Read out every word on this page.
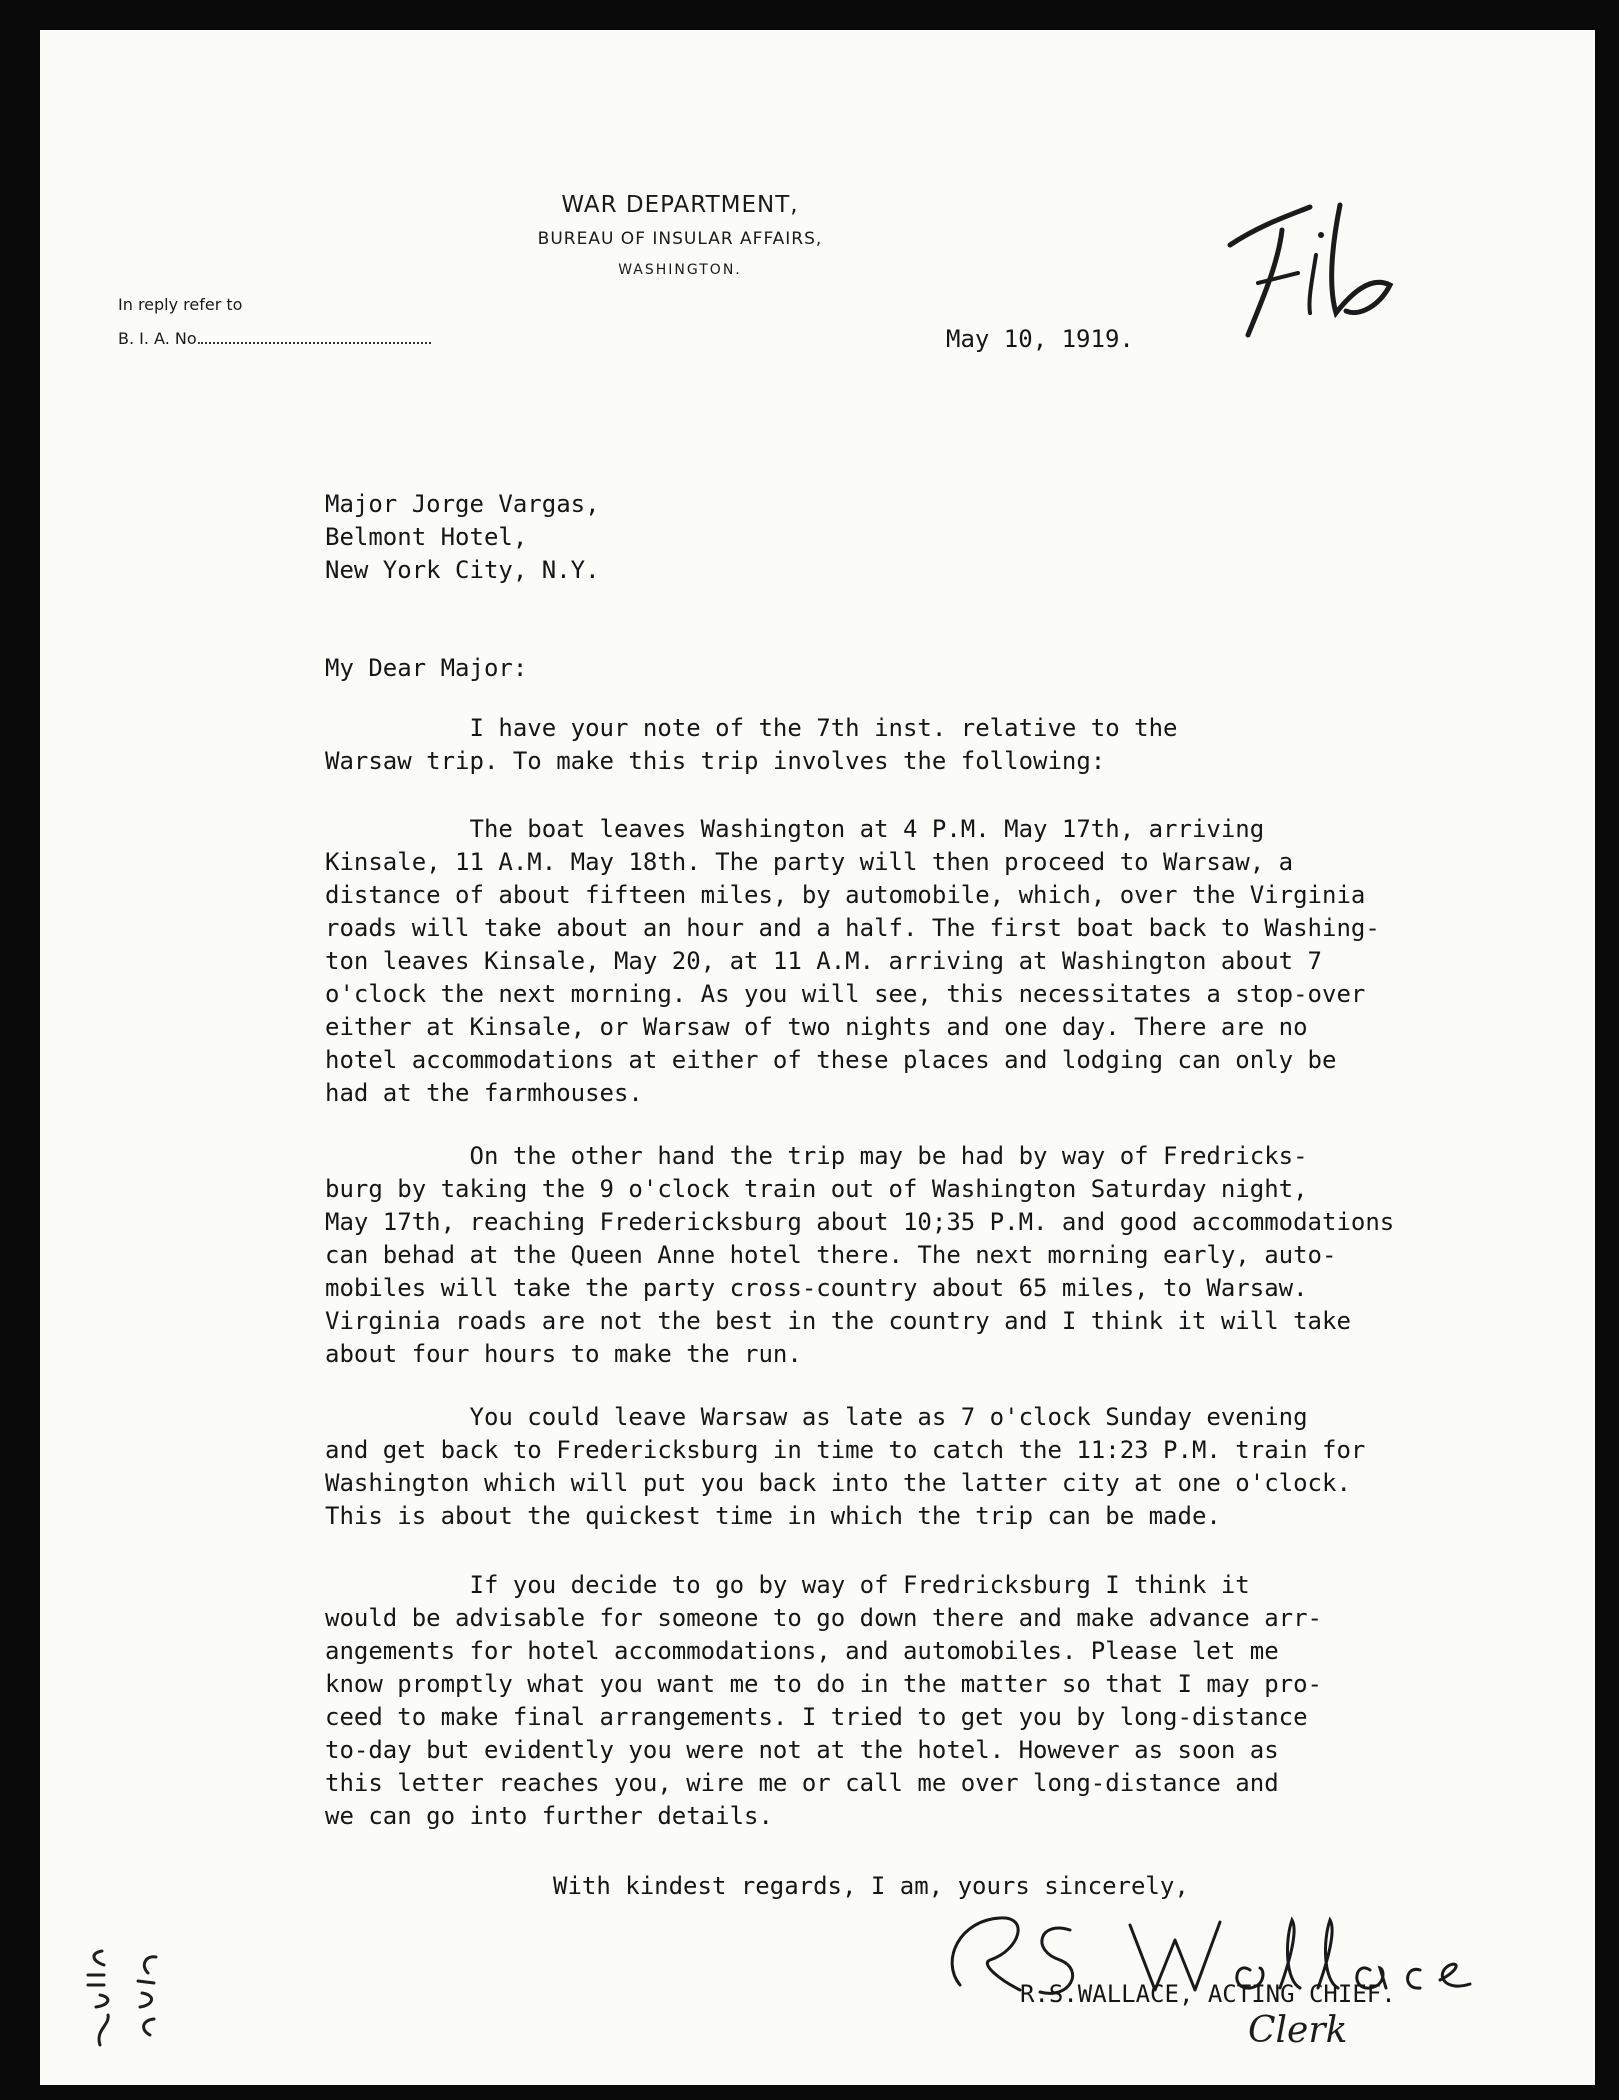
WAR DEPARTMENT,
BUREAU OF INSULAR AFFAIRS,
WASHINGTON.
In reply refer to
B. I. A. No.	May 10, 1919.
Major Jorge Vargas,
Belmont Hotel,
New York City, N.Y.
My Dear Major:
I have your note of the 7th inst. relative to the
Warsaw trip. To make this trip involves the following:
The boat leaves Washington at 4 P.M. May 17th, arriving
Kinsale, 11 A.M. May 18th. The party will then proceed to Warsaw, a
distance of about fifteen miles, by automobile, which, over the Virginia
roads will take about an hour and a half. The first boat back to Washing-
ton leaves Kinsale, May 20, at 11 A.M. arriving at Washington about 7
o'clock the next morning. As you will see, this necessitates a stop-over
either at Kinsale, or Warsaw of two nights and one day. There are no
hotel accommodations at either of these places and lodging can only be
had at the farmhouses.
On the other hand the trip may be had by way of Fredricks-
burg by taking the 9 o'clock train out of Washington Saturday night,
May 17th, reaching Fredericksburg about 10;35 P.M. and good accommodations
can behad at the Queen Anne hotel there. The next morning early, auto-
mobiles will take the party cross-country about 65 miles, to Warsaw.
Virginia roads are not the best in the country and I think it will take
about four hours to make the run.
You could leave Warsaw as late as 7 o'clock Sunday evening
and get back to Fredericksburg in time to catch the 11:23 P.M. train for
Washington which will put you back into the latter city at one o'clock.
This is about the quickest time in which the trip can be made.
If you decide to go by way of Fredricksburg I think it
would be advisable for someone to go down there and make advance arr-
angements for hotel accommodations, and automobiles. Please let me
know promptly what you want me to do in the matter so that I may pro-
ceed to make final arrangements. I tried to get you by long-distance
to-day but evidently you were not at the hotel. However as soon as
this letter reaches you, wire me or call me over long-distance and
we can go into further details.
With kindest regards, I am, yours sincerely,
R.S.WALLACE, ACTING CHIEF.
Clerk
